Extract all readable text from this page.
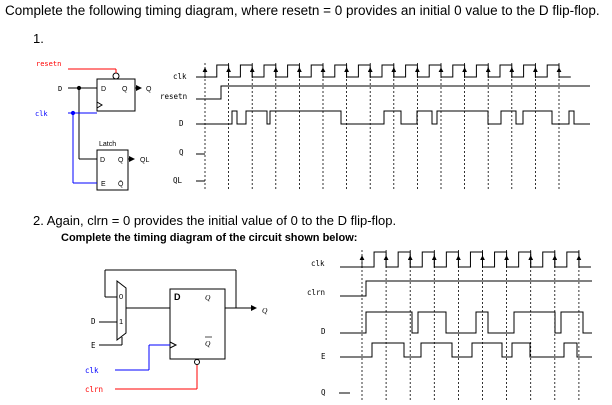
Complete the following timing diagram, where resetn = 0 provides an initial 0 value to the D flip-flop.
1.
2. Again, clrn = 0 provides the initial value of 0 to the D flip-flop.
Complete the timing diagram of the circuit shown below:
resetn
D
clk
D Q	Q
Latch
D Q
E Q̄
QL
clk
resetn
D
Q
QL
0
1
D	Q
Q
D
E
clk
clrn
Q
clk
clrn
D
E
Q
